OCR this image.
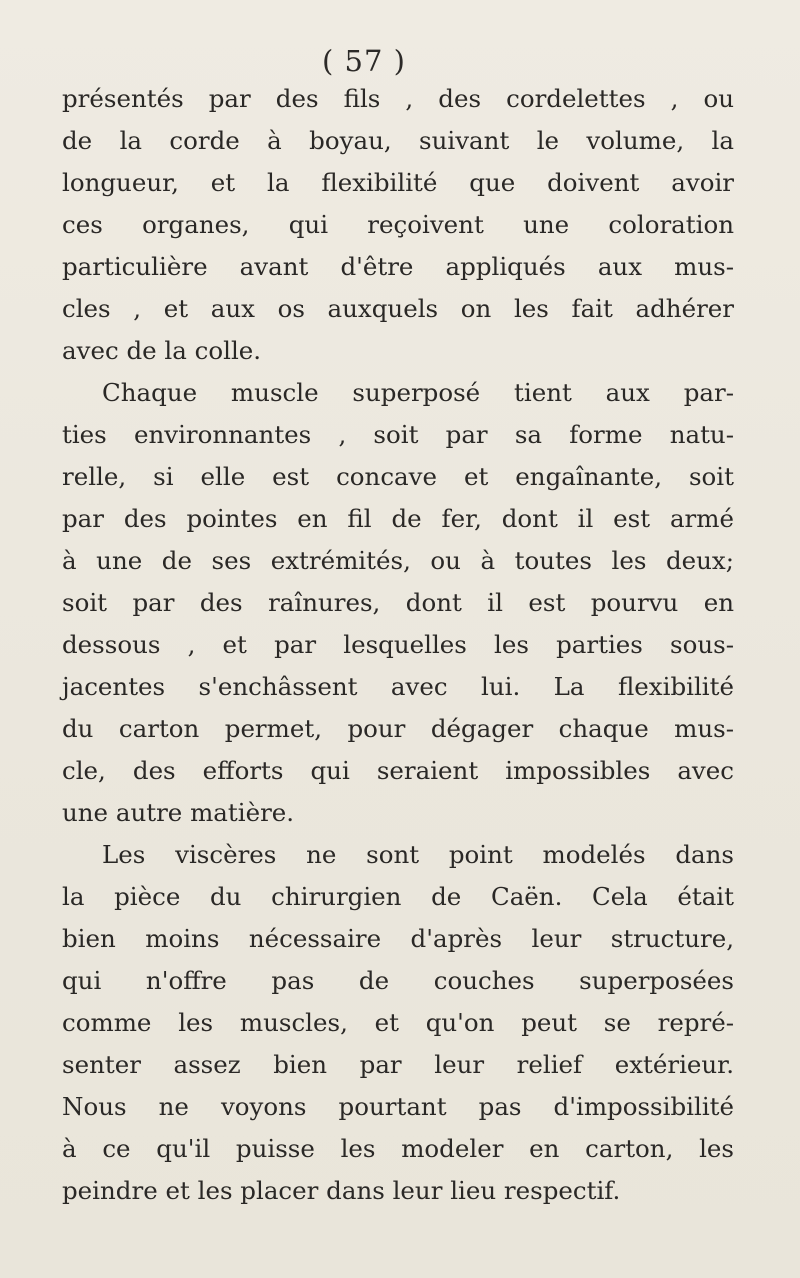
( 57 )
présentés par des fils , des cordelettes , ou
de la corde à boyau, suivant le volume, la
longueur, et la flexibilité que doivent avoir
ces organes, qui reçoivent une coloration
particulière avant d'être appliqués aux mus-
cles , et aux os auxquels on les fait adhérer
avec de la colle.
Chaque muscle superposé tient aux par-
ties environnantes , soit par sa forme natu-
relle, si elle est concave et engaînante, soit
par des pointes en fil de fer, dont il est armé
à une de ses extrémités, ou à toutes les deux;
soit par des raînures, dont il est pourvu en
dessous , et par lesquelles les parties sous-
jacentes s'enchâssent avec lui. La flexibilité
du carton permet, pour dégager chaque mus-
cle, des efforts qui seraient impossibles avec
une autre matière.
Les viscères ne sont point modelés dans
la pièce du chirurgien de Caën. Cela était
bien moins nécessaire d'après leur structure,
qui n'offre pas de couches superposées
comme les muscles, et qu'on peut se repré-
senter assez bien par leur relief extérieur.
Nous ne voyons pourtant pas d'impossibilité
à ce qu'il puisse les modeler en carton, les
peindre et les placer dans leur lieu respectif.
